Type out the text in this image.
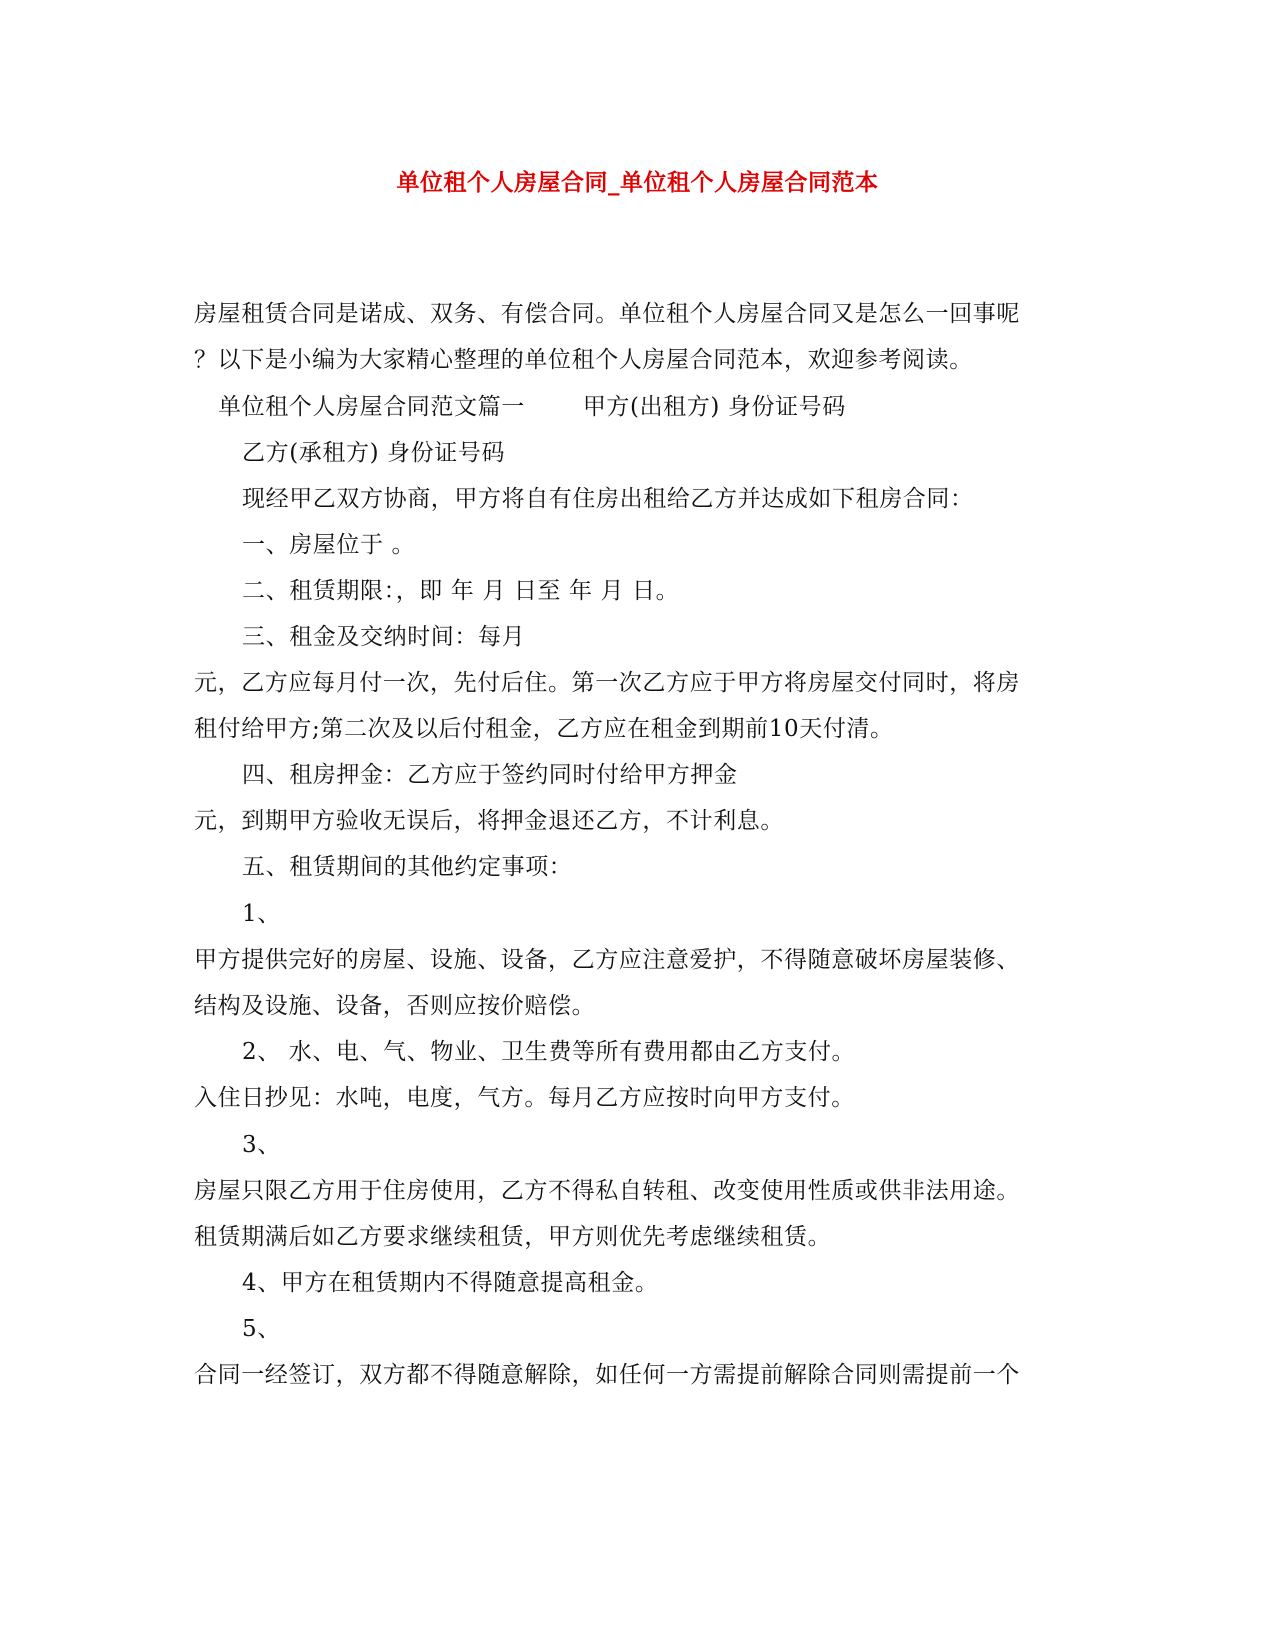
单位租个人房屋合同_单位租个人房屋合同范本
房屋租赁合同是诺成、双务、有偿合同。单位租个人房屋合同又是怎么一回事呢
？以下是小编为大家精心整理的单位租个人房屋合同范本，欢迎参考阅读。
单位租个人房屋合同范文篇一	甲方(出租方) 身份证号码
乙方(承租方) 身份证号码
现经甲乙双方协商，甲方将自有住房出租给乙方并达成如下租房合同：
一、房屋位于 。
二、租赁期限：，即 年 月 日至 年 月 日。
三、租金及交纳时间：每月
元，乙方应每月付一次，先付后住。第一次乙方应于甲方将房屋交付同时，将房
租付给甲方;第二次及以后付租金，乙方应在租金到期前10天付清。
四、租房押金：乙方应于签约同时付给甲方押金
元，到期甲方验收无误后，将押金退还乙方，不计利息。
五、租赁期间的其他约定事项：
1、
甲方提供完好的房屋、设施、设备，乙方应注意爱护，不得随意破坏房屋装修、
结构及设施、设备，否则应按价赔偿。
2、 水、电、气、物业、卫生费等所有费用都由乙方支付。
入住日抄见：水吨，电度，气方。每月乙方应按时向甲方支付。
3、
房屋只限乙方用于住房使用，乙方不得私自转租、改变使用性质或供非法用途。
租赁期满后如乙方要求继续租赁，甲方则优先考虑继续租赁。
4、甲方在租赁期内不得随意提高租金。
5、
合同一经签订，双方都不得随意解除，如任何一方需提前解除合同则需提前一个
